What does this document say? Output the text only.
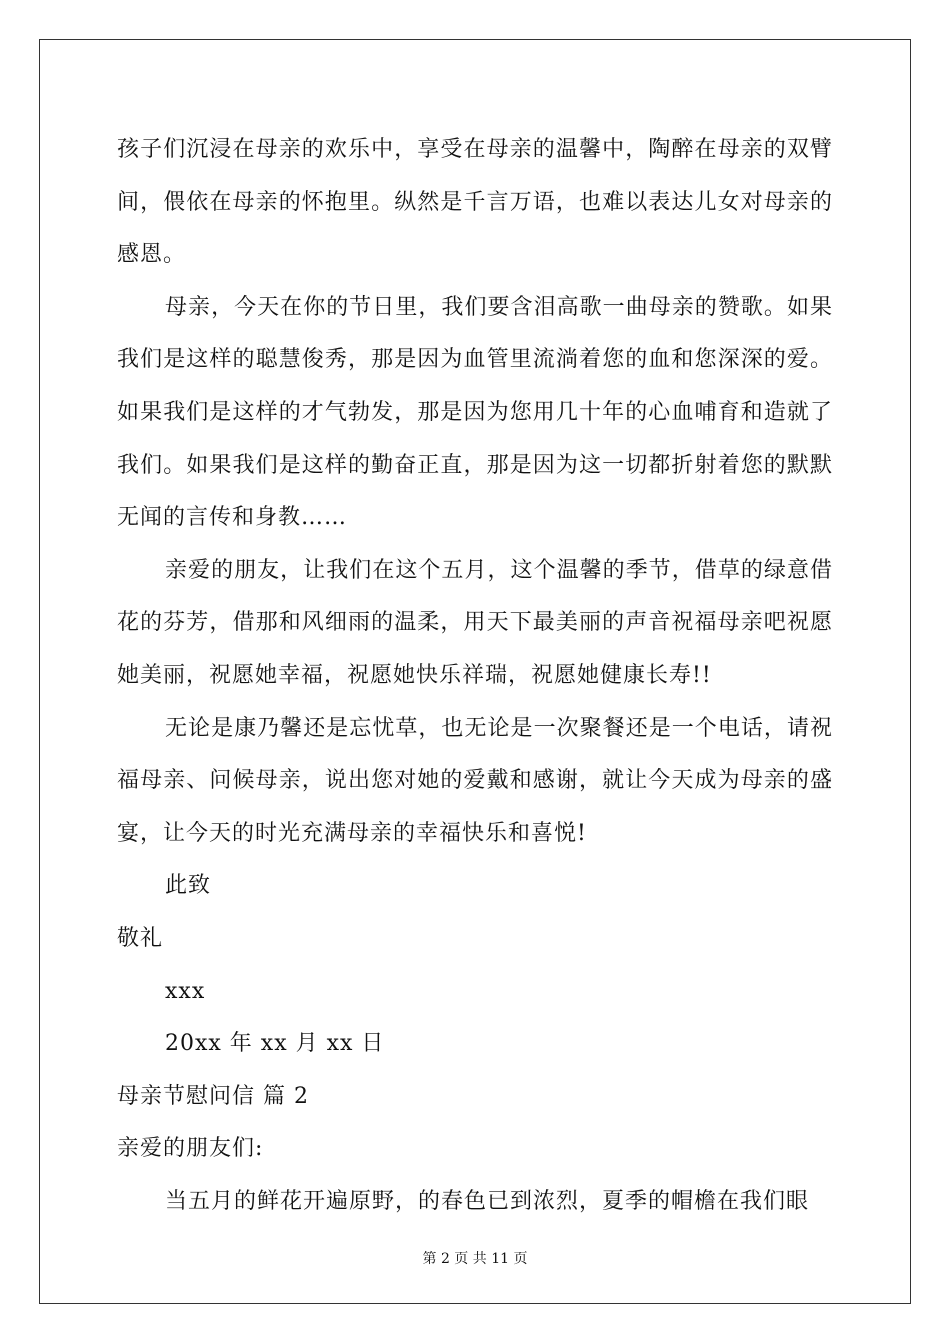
孩子们沉浸在母亲的欢乐中，享受在母亲的温馨中，陶醉在母亲的双臂间，偎依在母亲的怀抱里。纵然是千言万语，也难以表达儿女对母亲的感恩。

母亲，今天在你的节日里，我们要含泪高歌一曲母亲的赞歌。如果我们是这样的聪慧俊秀，那是因为血管里流淌着您的血和您深深的爱。如果我们是这样的才气勃发，那是因为您用几十年的心血哺育和造就了我们。如果我们是这样的勤奋正直，那是因为这一切都折射着您的默默无闻的言传和身教……

亲爱的朋友，让我们在这个五月，这个温馨的季节，借草的绿意借花的芬芳，借那和风细雨的温柔，用天下最美丽的声音祝福母亲吧祝愿她美丽，祝愿她幸福，祝愿她快乐祥瑞，祝愿她健康长寿!!

无论是康乃馨还是忘忧草，也无论是一次聚餐还是一个电话，请祝福母亲、问候母亲，说出您对她的爱戴和感谢，就让今天成为母亲的盛宴，让今天的时光充满母亲的幸福快乐和喜悦!

此致

敬礼

xxx

20xx 年 xx 月 xx 日

母亲节慰问信 篇 2

亲爱的朋友们:

当五月的鲜花开遍原野，的春色已到浓烈，夏季的帽檐在我们眼

第 2 页 共 11 页
